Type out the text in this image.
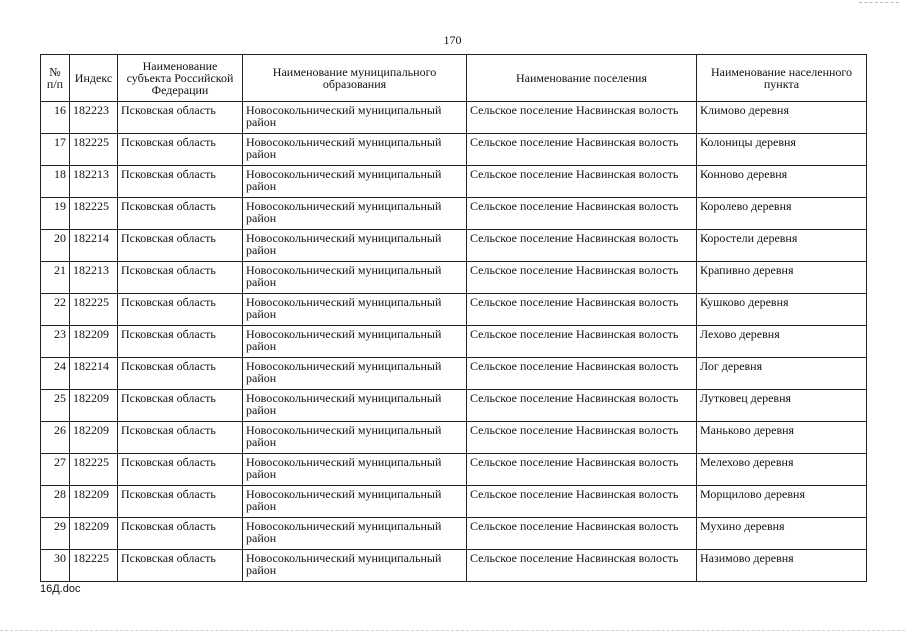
170
№ п/п	Индекс	Наименование субъекта Российской Федерации	Наименование муниципального образования	Наименование поселения	Наименование населенного пункта
16	182223	Псковская область	Новосокольнический муниципальный район	Сельское поселение Насвинская волость	Климово деревня
17	182225	Псковская область	Новосокольнический муниципальный район	Сельское поселение Насвинская волость	Колоницы деревня
18	182213	Псковская область	Новосокольнический муниципальный район	Сельское поселение Насвинская волость	Конново деревня
19	182225	Псковская область	Новосокольнический муниципальный район	Сельское поселение Насвинская волость	Королево деревня
20	182214	Псковская область	Новосокольнический муниципальный район	Сельское поселение Насвинская волость	Коростели деревня
21	182213	Псковская область	Новосокольнический муниципальный район	Сельское поселение Насвинская волость	Крапивно деревня
22	182225	Псковская область	Новосокольнический муниципальный район	Сельское поселение Насвинская волость	Кушково деревня
23	182209	Псковская область	Новосокольнический муниципальный район	Сельское поселение Насвинская волость	Лехово деревня
24	182214	Псковская область	Новосокольнический муниципальный район	Сельское поселение Насвинская волость	Лог деревня
25	182209	Псковская область	Новосокольнический муниципальный район	Сельское поселение Насвинская волость	Лутковец деревня
26	182209	Псковская область	Новосокольнический муниципальный район	Сельское поселение Насвинская волость	Маньково деревня
27	182225	Псковская область	Новосокольнический муниципальный район	Сельское поселение Насвинская волость	Мелехово деревня
28	182209	Псковская область	Новосокольнический муниципальный район	Сельское поселение Насвинская волость	Морщилово деревня
29	182209	Псковская область	Новосокольнический муниципальный район	Сельское поселение Насвинская волость	Мухино деревня
30	182225	Псковская область	Новосокольнический муниципальный район	Сельское поселение Насвинская волость	Назимово деревня
16Д.doc
